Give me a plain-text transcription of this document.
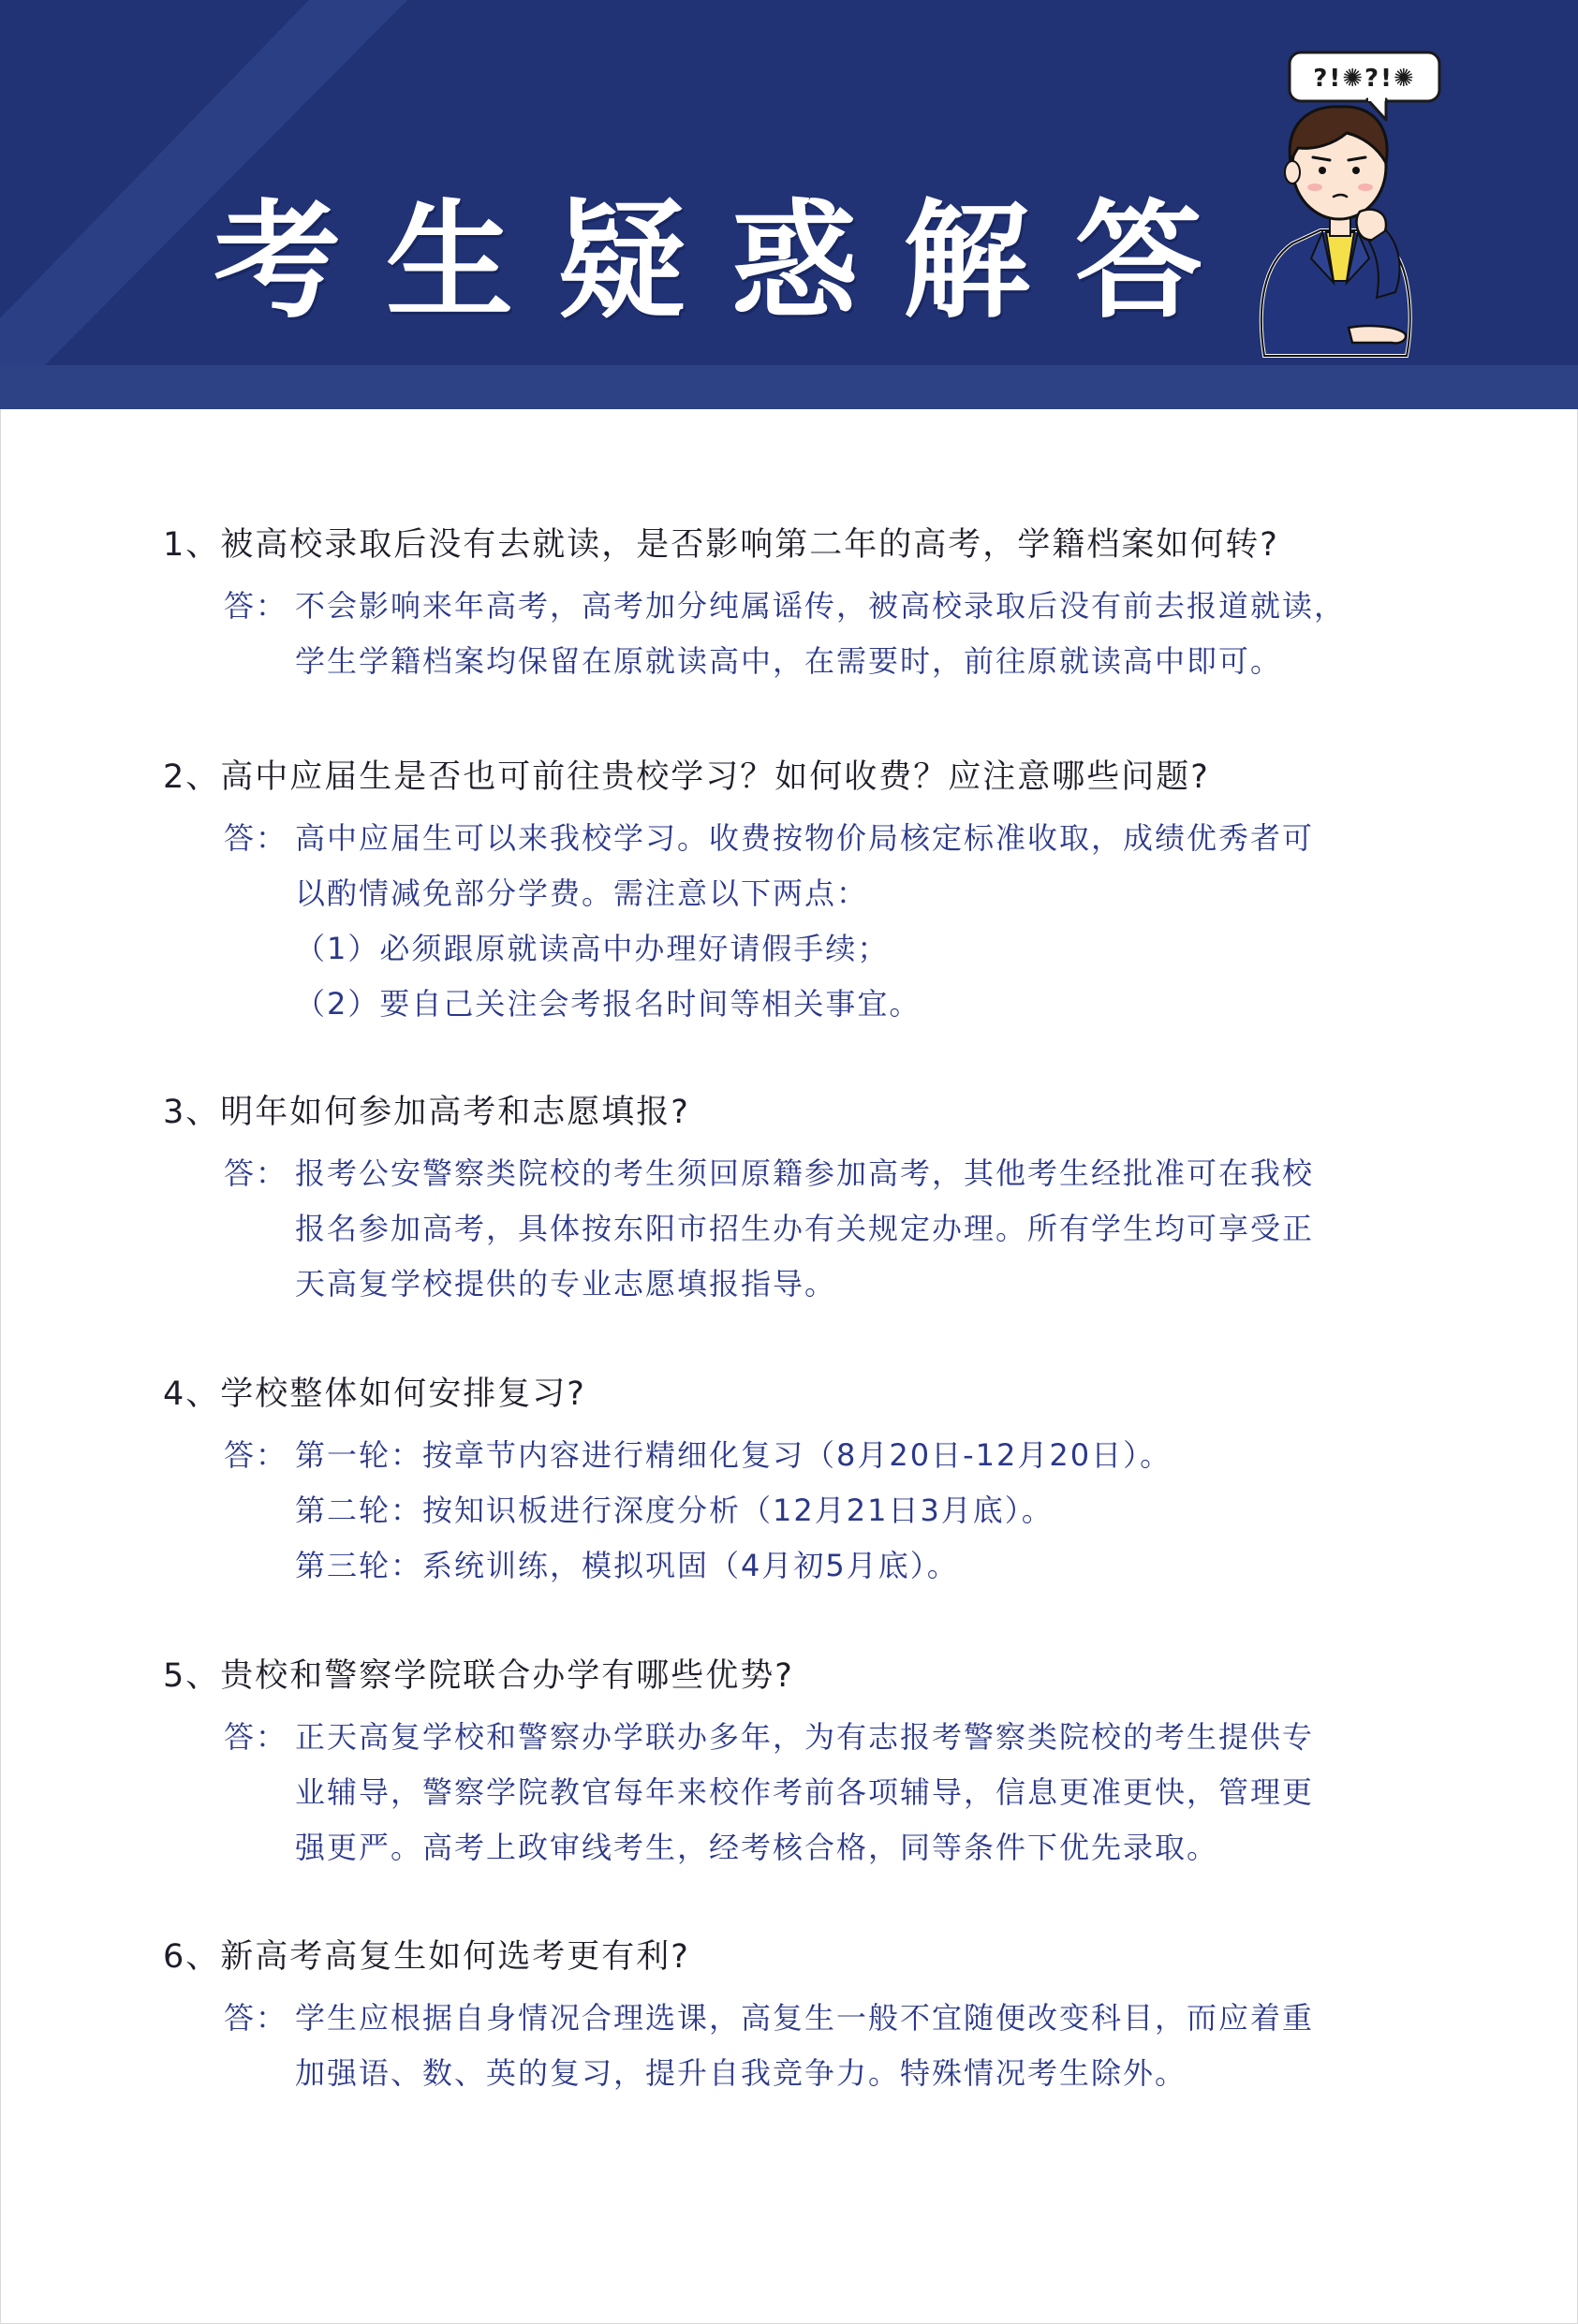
考生疑惑解答
?!✺?!✺
1、被高校录取后没有去就读，是否影响第二年的高考，学籍档案如何转?
答： 不会影响来年高考，高考加分纯属谣传，被高校录取后没有前去报道就读，
学生学籍档案均保留在原就读高中，在需要时，前往原就读高中即可。
2、高中应届生是否也可前往贵校学习？如何收费？应注意哪些问题?
答： 高中应届生可以来我校学习。收费按物价局核定标准收取，成绩优秀者可
以酌情减免部分学费。需注意以下两点：
（1）必须跟原就读高中办理好请假手续；
（2）要自己关注会考报名时间等相关事宜。
3、明年如何参加高考和志愿填报?
答： 报考公安警察类院校的考生须回原籍参加高考，其他考生经批准可在我校
报名参加高考，具体按东阳市招生办有关规定办理。所有学生均可享受正
天高复学校提供的专业志愿填报指导。
4、学校整体如何安排复习?
答： 第一轮：按章节内容进行精细化复习（8月20日-12月20日）。
第二轮：按知识板进行深度分析（12月21日3月底）。
第三轮：系统训练，模拟巩固（4月初5月底）。
5、贵校和警察学院联合办学有哪些优势?
答： 正天高复学校和警察办学联办多年，为有志报考警察类院校的考生提供专
业辅导，警察学院教官每年来校作考前各项辅导，信息更准更快，管理更
强更严。高考上政审线考生，经考核合格，同等条件下优先录取。
6、新高考高复生如何选考更有利?
答： 学生应根据自身情况合理选课，高复生一般不宜随便改变科目，而应着重
加强语、数、英的复习，提升自我竞争力。特殊情况考生除外。
